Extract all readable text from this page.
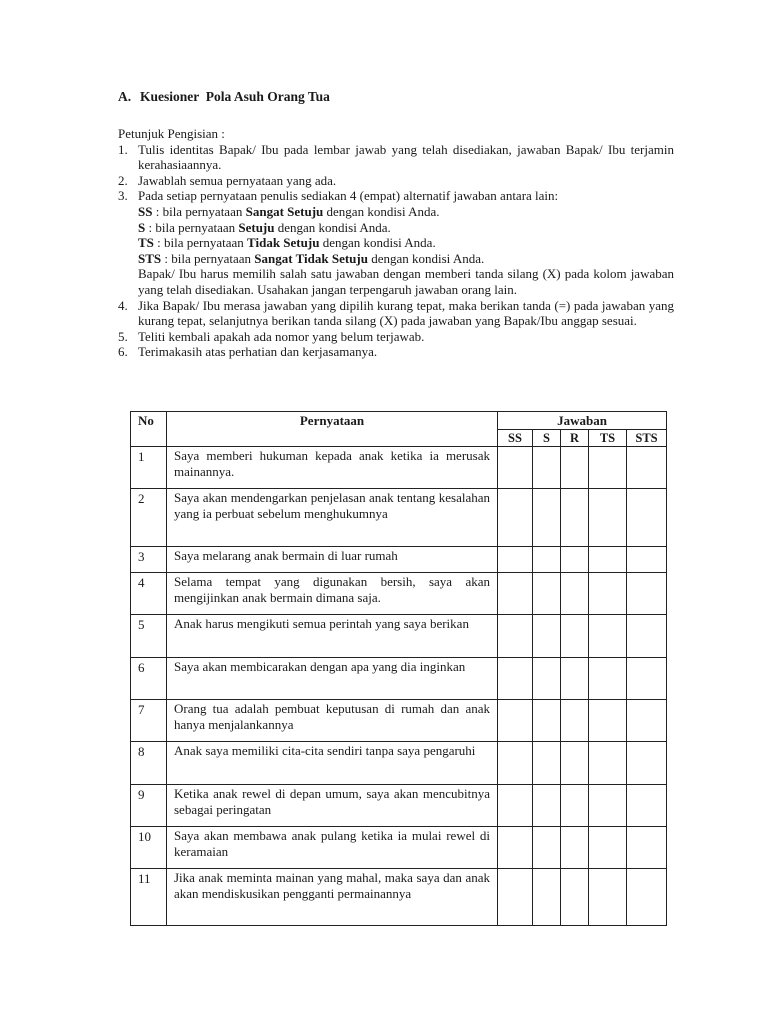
A. Kuesioner  Pola Asuh Orang Tua
Petunjuk Pengisian :
1. Tulis identitas Bapak/ Ibu pada lembar jawab yang telah disediakan, jawaban Bapak/ Ibu terjamin kerahasiaannya.
2. Jawablah semua pernyataan yang ada.
3. Pada setiap pernyataan penulis sediakan 4 (empat) alternatif jawaban antara lain:
SS : bila pernyataan Sangat Setuju dengan kondisi Anda.
S : bila pernyataan Setuju dengan kondisi Anda.
TS : bila pernyataan Tidak Setuju dengan kondisi Anda.
STS : bila pernyataan Sangat Tidak Setuju dengan kondisi Anda.
Bapak/ Ibu harus memilih salah satu jawaban dengan memberi tanda silang (X) pada kolom jawaban yang telah disediakan. Usahakan jangan terpengaruh jawaban orang lain.
4. Jika Bapak/ Ibu merasa jawaban yang dipilih kurang tepat, maka berikan tanda (=) pada jawaban yang kurang tepat, selanjutnya berikan tanda silang (X) pada jawaban yang Bapak/Ibu anggap sesuai.
5. Teliti kembali apakah ada nomor yang belum terjawab.
6. Terimakasih atas perhatian dan kerjasamanya.
No	Pernyataan	Jawaban				
		SS	S	R	TS	STS
1	Saya memberi hukuman kepada anak ketika ia merusak mainannya.					
2	Saya akan mendengarkan penjelasan anak tentang kesalahan yang ia perbuat sebelum menghukumnya					
3	Saya melarang anak bermain di luar rumah					
4	Selama tempat yang digunakan bersih, saya akan mengijinkan anak bermain dimana saja.					
5	Anak harus mengikuti semua perintah yang saya berikan					
6	Saya akan membicarakan dengan apa yang dia inginkan					
7	Orang tua adalah pembuat keputusan di rumah dan anak hanya menjalankannya					
8	Anak saya memiliki cita-cita sendiri tanpa saya pengaruhi					
9	Ketika anak rewel di depan umum, saya akan mencubitnya sebagai peringatan					
10	Saya akan membawa anak pulang ketika ia mulai rewel di keramaian					
11	Jika anak meminta mainan yang mahal, maka saya dan anak akan mendiskusikan pengganti permainannya					
